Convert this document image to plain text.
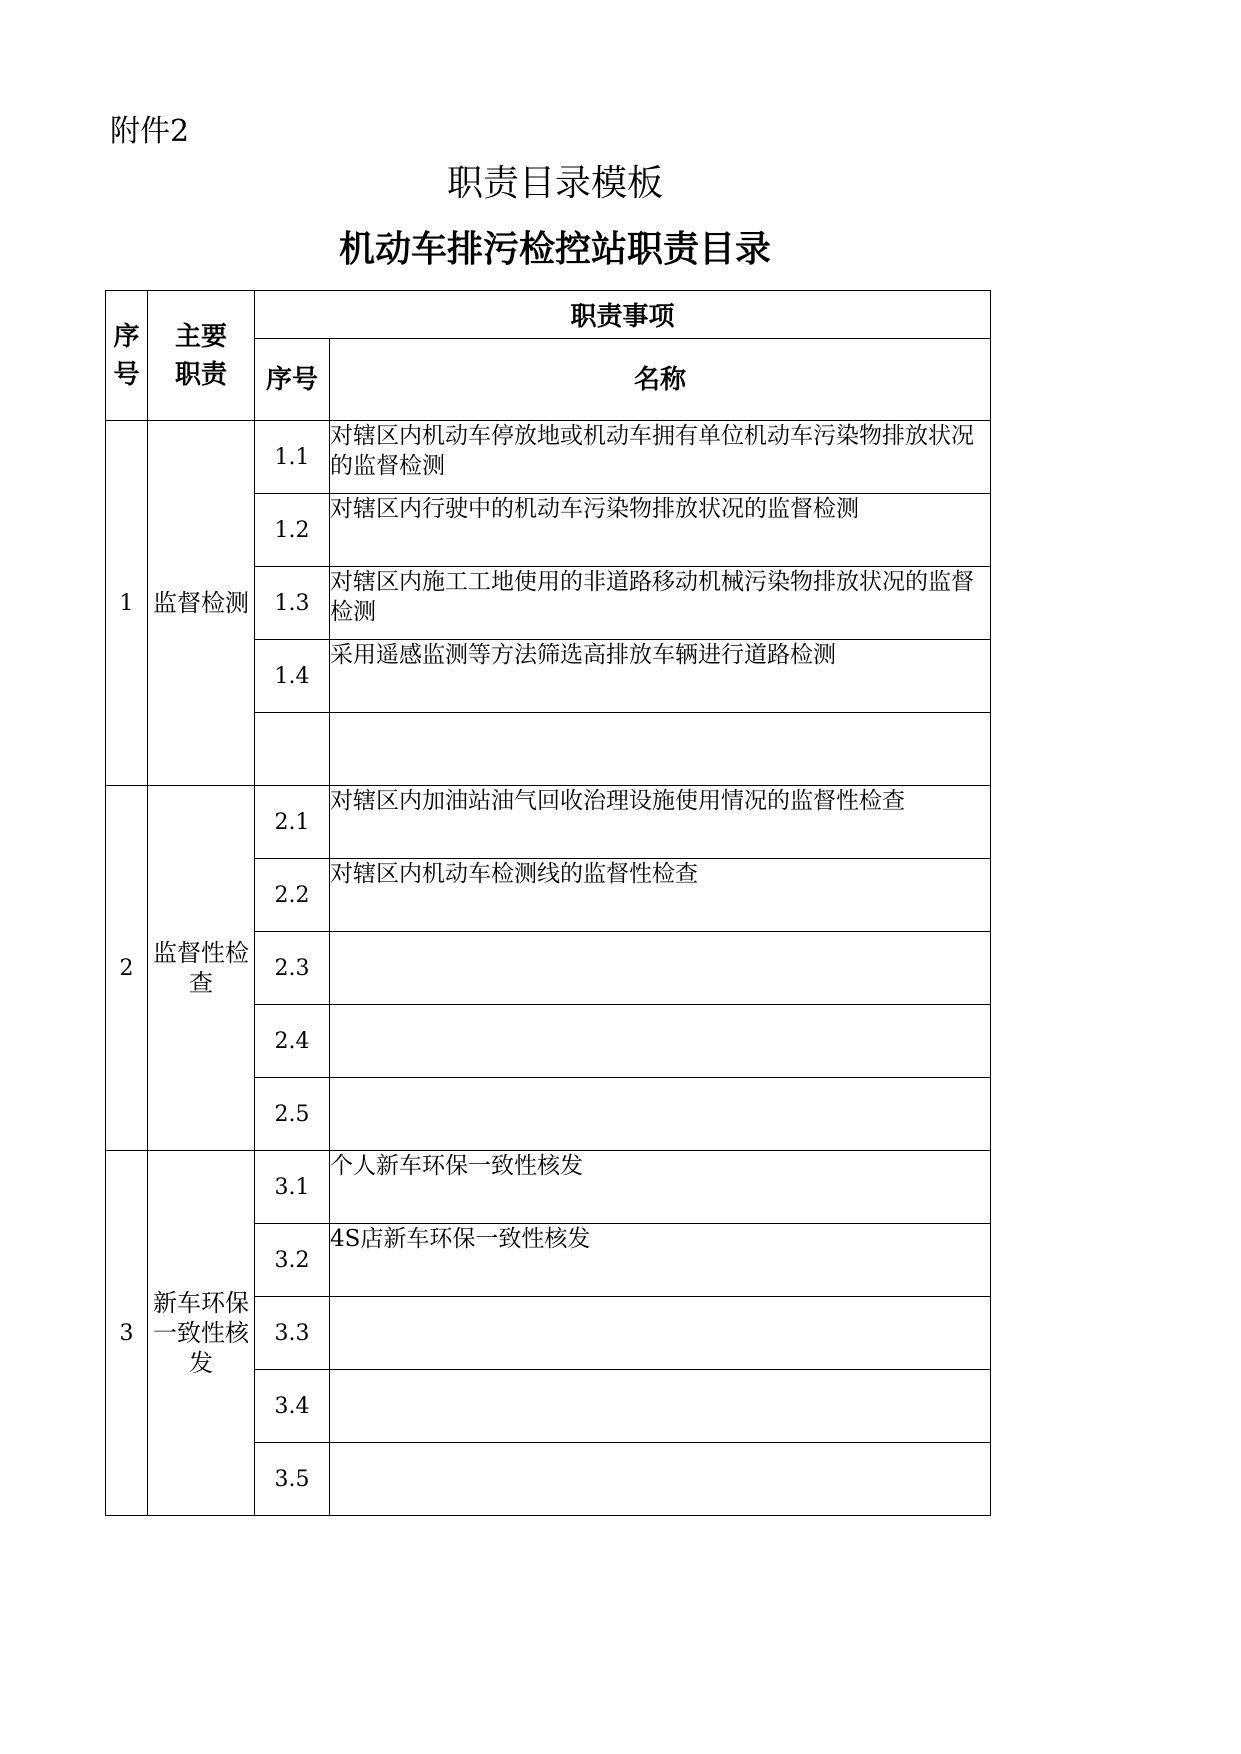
附件2
职责目录模板
机动车排污检控站职责目录
序号	主要职责	职责事项	
		序号	名称
1	监督检测	1.1	对辖区内机动车停放地或机动车拥有单位机动车污染物排放状况的监督检测
		1.2	对辖区内行驶中的机动车污染物排放状况的监督检测
		1.3	对辖区内施工工地使用的非道路移动机械污染物排放状况的监督检测
		1.4	采用遥感监测等方法筛选高排放车辆进行道路检测

2	监督性检查	2.1	对辖区内加油站油气回收治理设施使用情况的监督性检查
		2.2	对辖区内机动车检测线的监督性检查
		2.3	
		2.4	
		2.5	
3	新车环保一致性核发	3.1	个人新车环保一致性核发
		3.2	4S店新车环保一致性核发
		3.3	
		3.4	
		3.5	
